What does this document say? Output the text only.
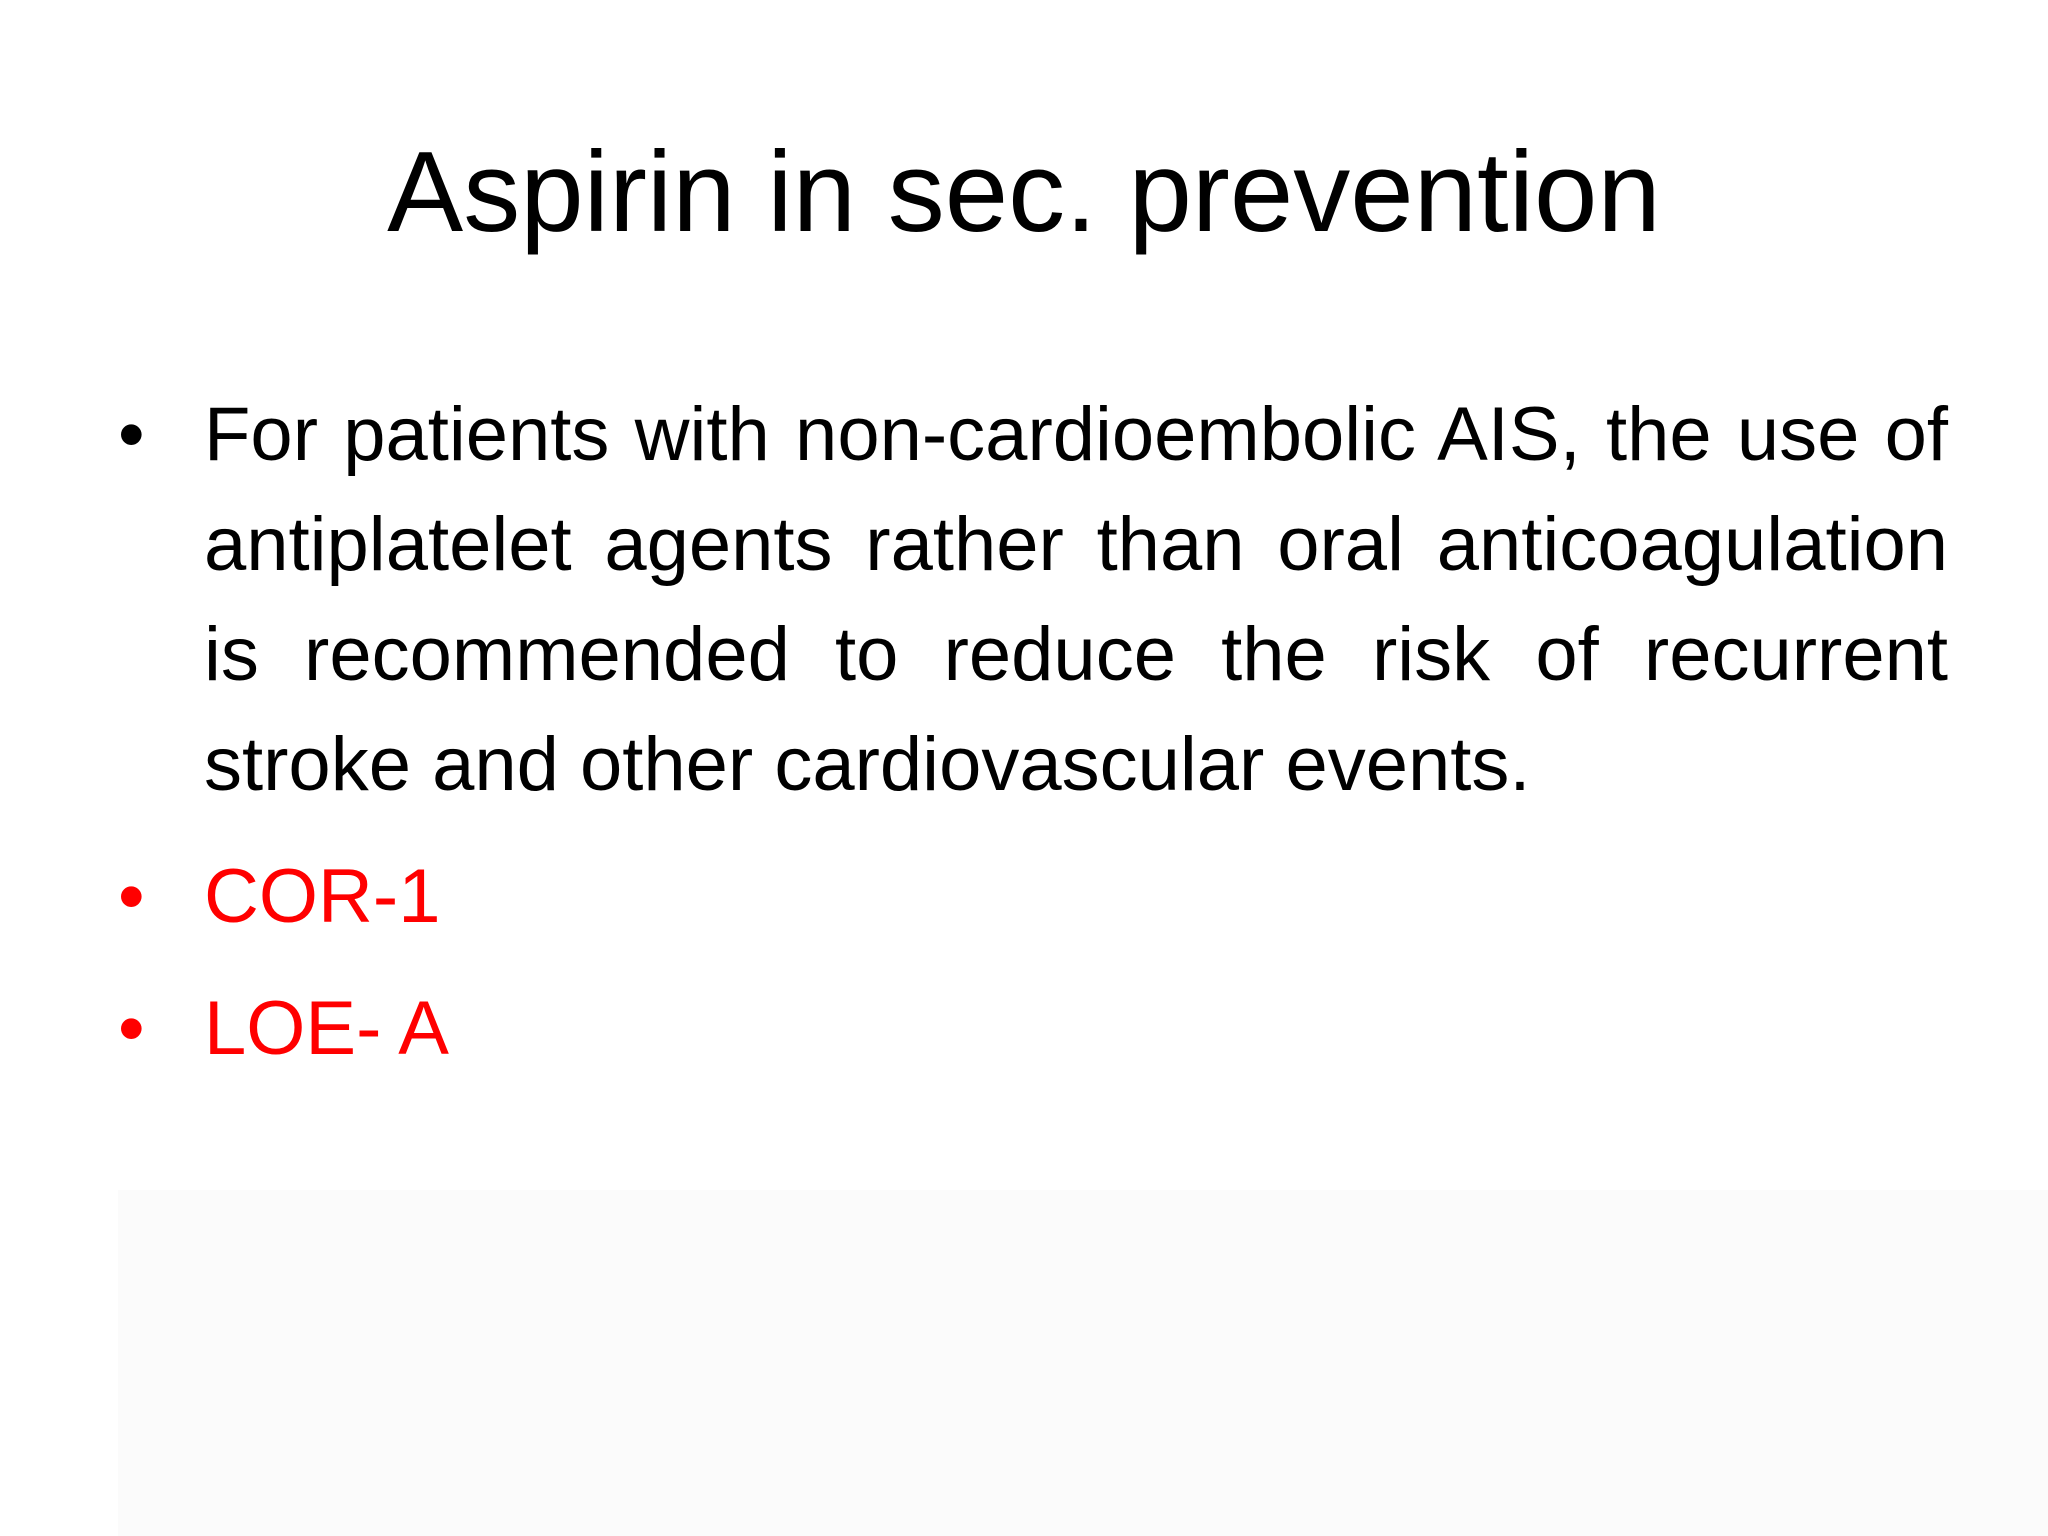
Aspirin in sec. prevention
• For patients with non-cardioembolic AIS, the use of antiplatelet agents rather than oral anticoagulation is recommended to reduce the risk of recurrent stroke and other cardiovascular events.
• COR-1
• LOE- A
